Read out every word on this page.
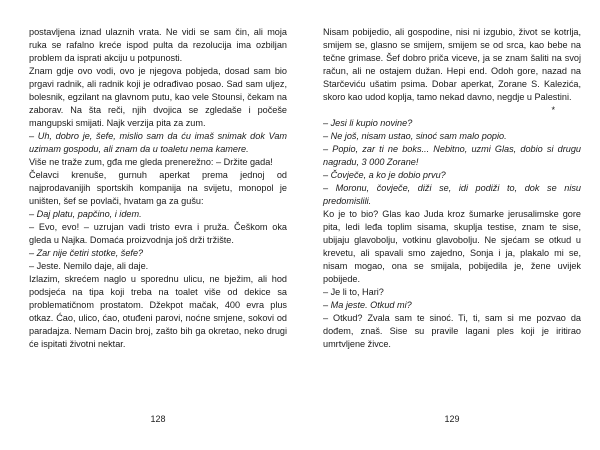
postavljena iznad ulaznih vrata. Ne vidi se sam čin, ali moja ruka se rafalno kreće ispod pulta da rezolucija ima ozbiljan problem da isprati akciju u potpunosti.

Znam gdje ovo vodi, ovo je njegova pobjeda, dosad sam bio prgavi radnik, ali radnik koji je odrađivao posao. Sad sam uljez, bolesnik, egzilant na glavnom putu, kao vele Stounsi, čekam na zaborav. Na šta reči, njih dvojica se zgledaše i počeše mangupski smijati. Najk verzija pita za zum.

– Uh, dobro je, šefe, mislio sam da ću imaš snimak dok Vam uzimam gospodu, ali znam da u toaletu nema kamere.

Više ne traže zum, gđa me gleda prenerežno: – Držite gada!

Čelavci krenuše, gurnuh aperkat prema jednoj od najprodavanijih sportskih kompanija na svijetu, monopol je uništen, šef se povlači, hvatam ga za gušu:

– Daj platu, papčino, i idem.

– Evo, evo! – uzrujan vadi tristo evra i pruža. Češkom oka gleda u Najka. Domaća proizvodnja još drži tržište.

– Zar nije četiri stotke, šefe?

– Jeste. Nemilo daje, ali daje.

Izlazim, skrećem naglo u sporednu ulicu, ne bježim, ali hod podsjeća na tipa koji treba na toalet više od dekice sa problematičnom prostatom. Džekpot mačak, 400 evra plus otkaz. Ćao, ulico, ćao, otuđeni parovi, noćne smjene, sokovi od paradajza. Nemam Dacin broj, zašto bih ga okretao, neko drugi će ispitati životni nektar.

Nisam pobijedio, ali gospodine, nisi ni izgubio, život se kotrlja, smijem se, glasno se smijem, smijem se od srca, kao bebe na tečne grimase. Šef dobro priča viceve, ja se znam šaliti na svoj račun, ali ne ostajem dužan. Hepi end. Odoh gore, nazad na Starčeviću ušatim psima. Dobar aperkat, Zorane S. Kalezića, skoro kao udod koplja, tamo nekad davno, negdje u Palestini.

*

– Jesi li kupio novine?

– Ne još, nisam ustao, sinoć sam malo popio.

– Popio, zar ti ne boks... Nebitno, uzmi Glas, dobio si drugu nagradu, 3 000 Zorane!

– Čovječe, a ko je dobio prvu?

– Moronu, čovječe, diži se, idi podiži to, dok se nisu predomislili.

Ko je to bio? Glas kao Juda kroz šumarke jerusalimske gore pita, ledi leđa toplim sisama, skuplja testise, znam te sise, ubijaju glavobolju, votkinu glavobolju. Ne sjećam se otkud u krevetu, ali spavali smo zajedno, Sonja i ja, plakalo mi se, nisam mogao, ona se smijala, pobijedila je, žene uvijek pobijede.

– Je li to, Hari?

– Ma jeste. Otkud mi?

– Otkud? Zvala sam te sinoć. Ti, ti, sam si me pozvao da dođem, znaš. Sise su pravile lagani ples koji je iritirao umrtvljene živce.

128	129
